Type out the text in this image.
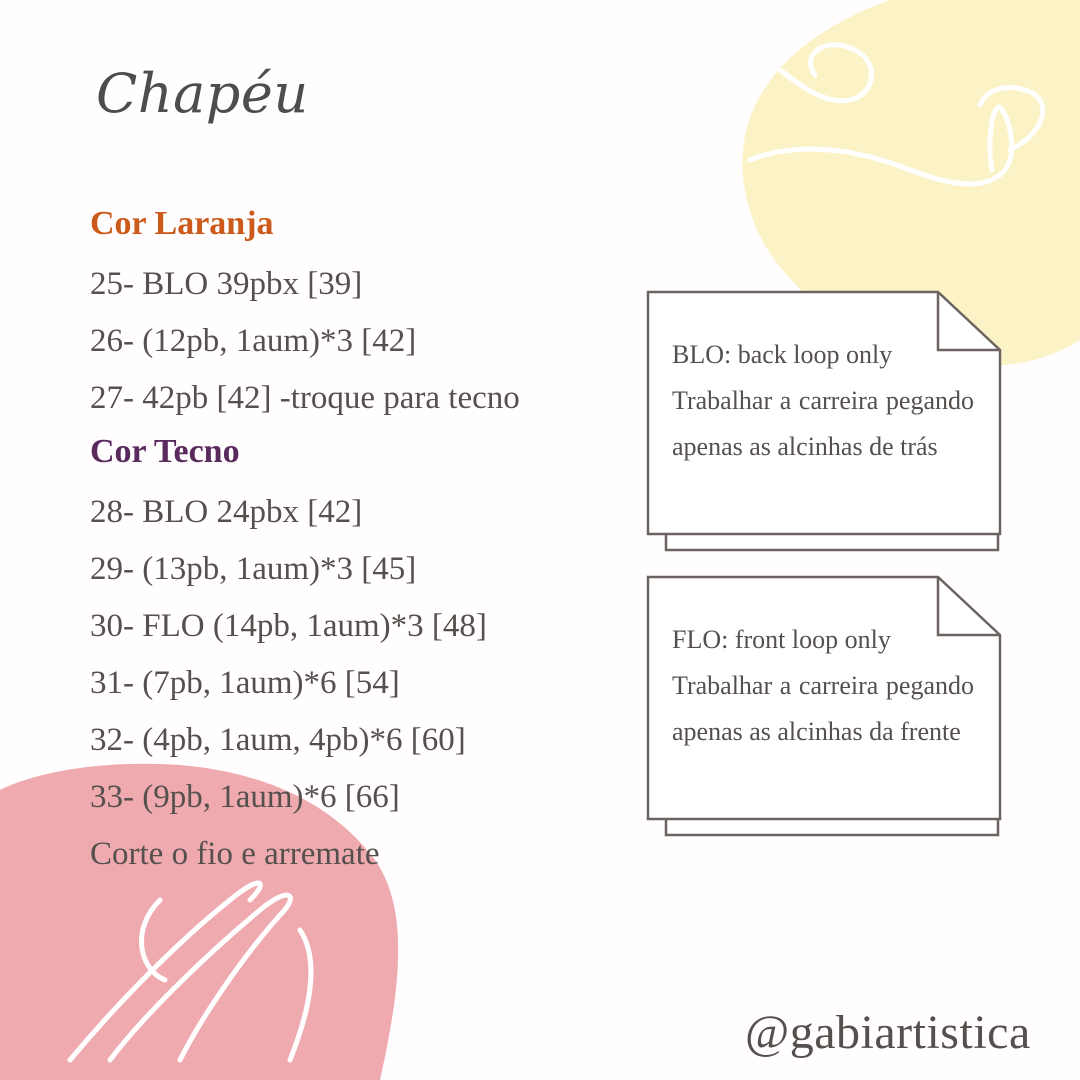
Chapéu
Cor Laranja
25- BLO 39pbx [39]
26- (12pb, 1aum)*3 [42]
27- 42pb [42] -troque para tecno
Cor Tecno
28- BLO 24pbx [42]
29- (13pb, 1aum)*3 [45]
30- FLO (14pb, 1aum)*3 [48]
31- (7pb, 1aum)*6 [54]
32- (4pb, 1aum, 4pb)*6 [60]
33- (9pb, 1aum)*6 [66]
Corte o fio e arremate
BLO: back loop only
Trabalhar a carreira pegando apenas as alcinhas de trás
FLO: front loop only
Trabalhar a carreira pegando apenas as alcinhas da frente
@gabiartistica
